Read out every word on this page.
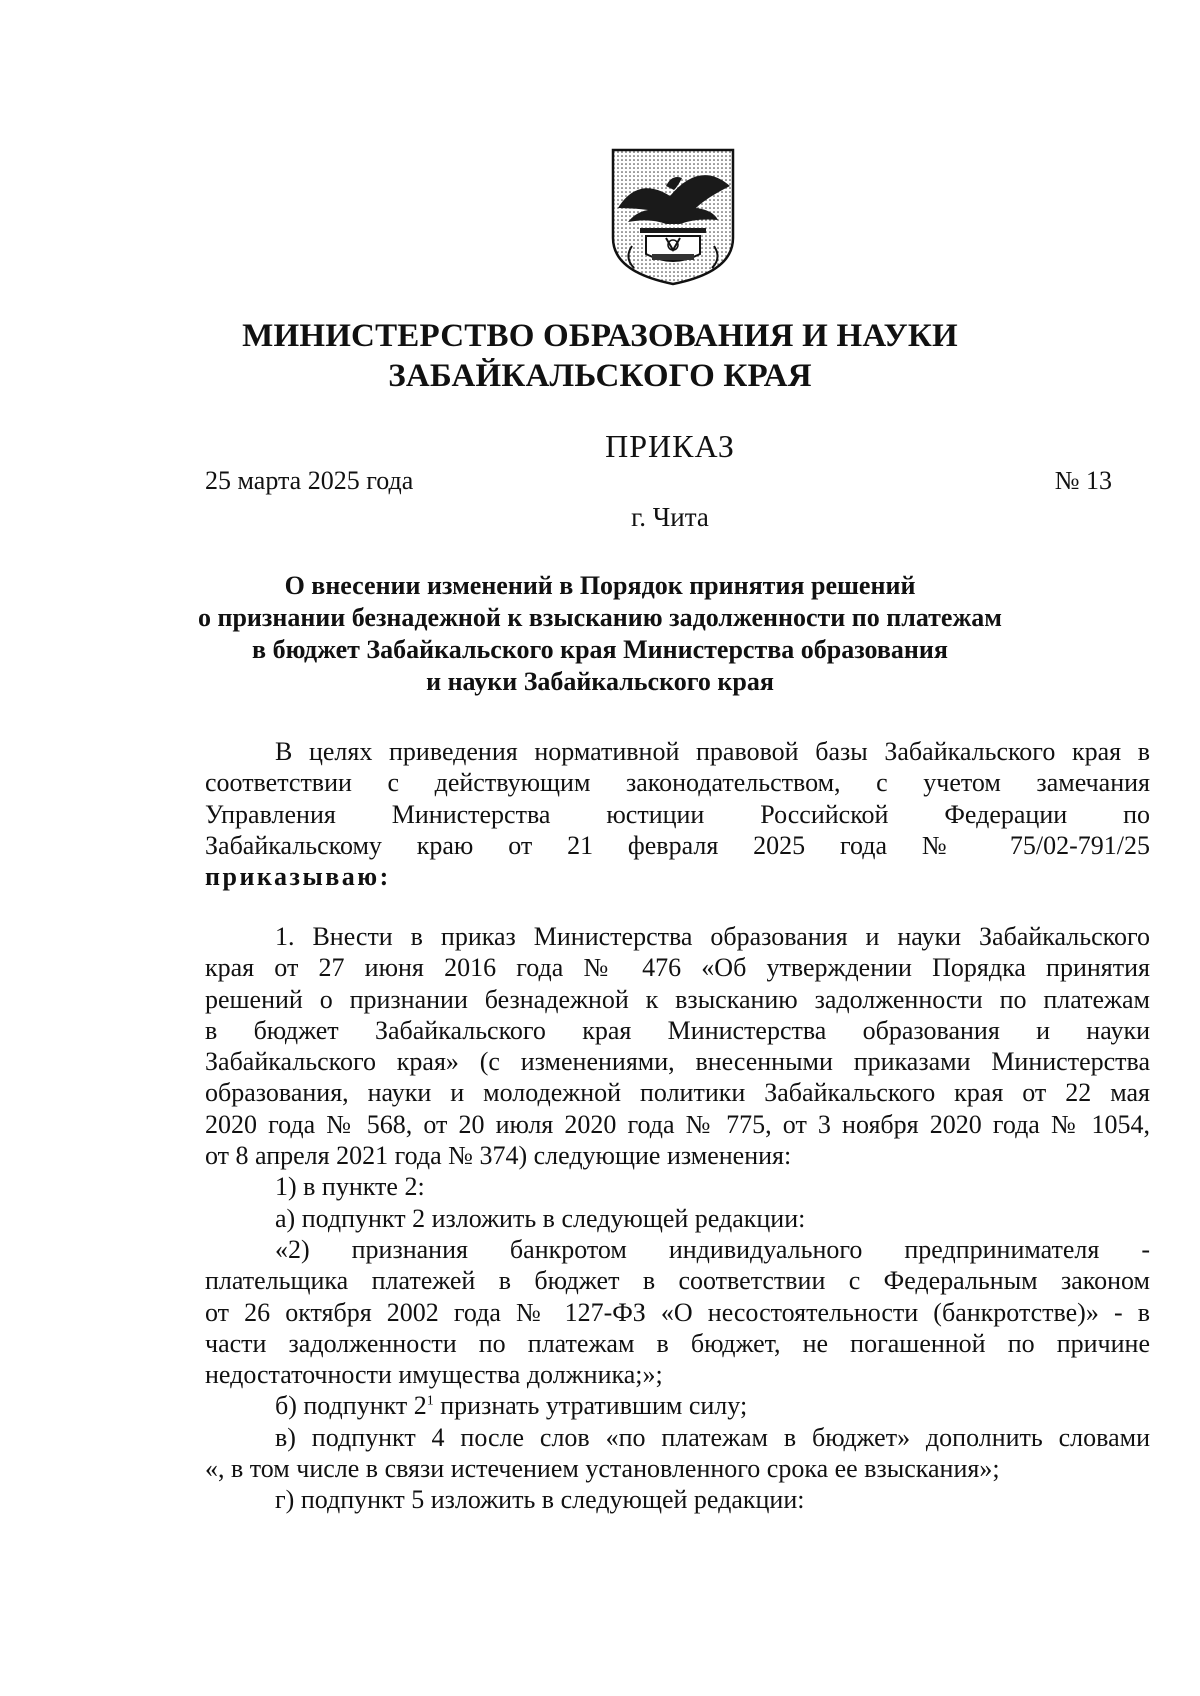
МИНИСТЕРСТВО ОБРАЗОВАНИЯ И НАУКИ
ЗАБАЙКАЛЬСКОГО КРАЯ
ПРИКАЗ
25 марта 2025 года	№ 13
г. Чита
О внесении изменений в Порядок принятия решений
о признании безнадежной к взысканию задолженности по платежам
в бюджет Забайкальского края Министерства образования
и науки Забайкальского края
В целях приведения нормативной правовой базы Забайкальского края в
соответствии с действующим законодательством, с учетом замечания
Управления Министерства юстиции Российской Федерации по
Забайкальскому краю от 21 февраля 2025 года № 75/02-791/25
приказываю:
1. Внести в приказ Министерства образования и науки Забайкальского
края от 27 июня 2016 года № 476 «Об утверждении Порядка принятия
решений о признании безнадежной к взысканию задолженности по платежам
в бюджет Забайкальского края Министерства образования и науки
Забайкальского края» (с изменениями, внесенными приказами Министерства
образования, науки и молодежной политики Забайкальского края от 22 мая
2020 года № 568, от 20 июля 2020 года № 775, от 3 ноября 2020 года № 1054,
от 8 апреля 2021 года № 374) следующие изменения:
1) в пункте 2:
а) подпункт 2 изложить в следующей редакции:
«2) признания банкротом индивидуального предпринимателя -
плательщика платежей в бюджет в соответствии с Федеральным законом
от 26 октября 2002 года № 127-ФЗ «О несостоятельности (банкротстве)» - в
части задолженности по платежам в бюджет, не погашенной по причине
недостаточности имущества должника;»;
б) подпункт $2^1$ признать утратившим силу;
в) подпункт 4 после слов «по платежам в бюджет» дополнить словами
«, в том числе в связи истечением установленного срока ее взыскания»;
г) подпункт 5 изложить в следующей редакции:
